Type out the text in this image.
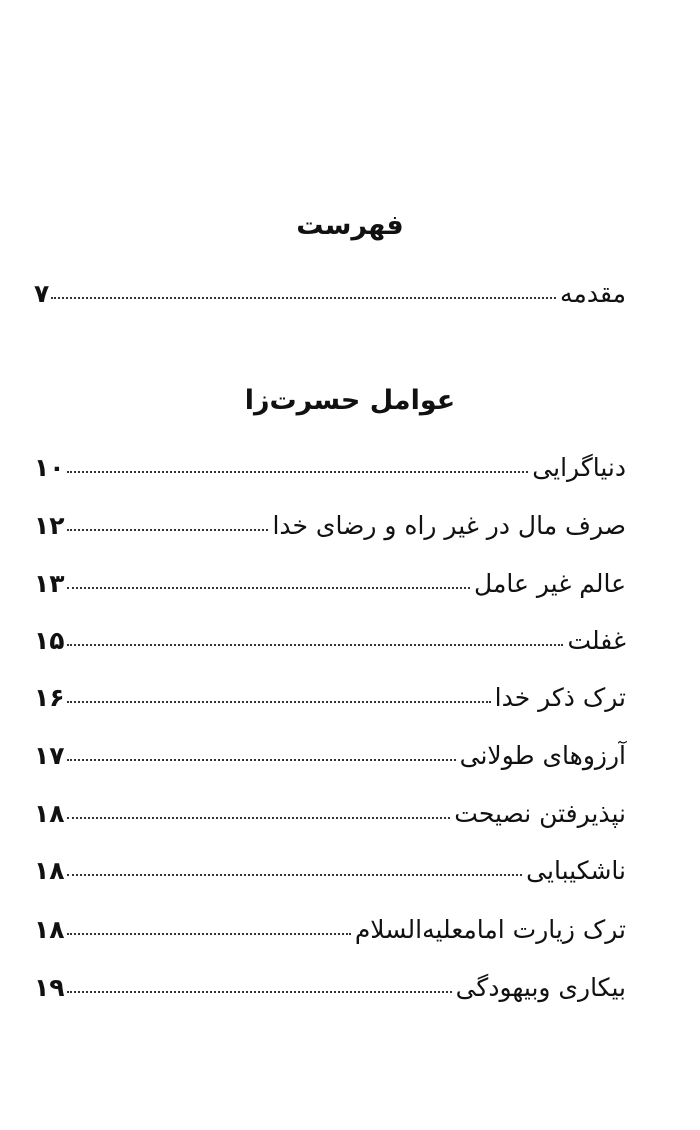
فهرست
مقدمه
۷
عوامل حسرت‌زا
دنیاگرایی
۱۰
صرف مال در غیر راه و رضای خدا
۱۲
عالم غیر عامل
۱۳
غفلت
۱۵
ترک ذکر خدا
۱۶
آرزوهای طولانی
۱۷
نپذیرفتن نصیحت
۱۸
ناشکیبایی
۱۸
ترک زیارت امامعليه‌السلام
۱۸
بیکاری وبیهودگی
۱۹
